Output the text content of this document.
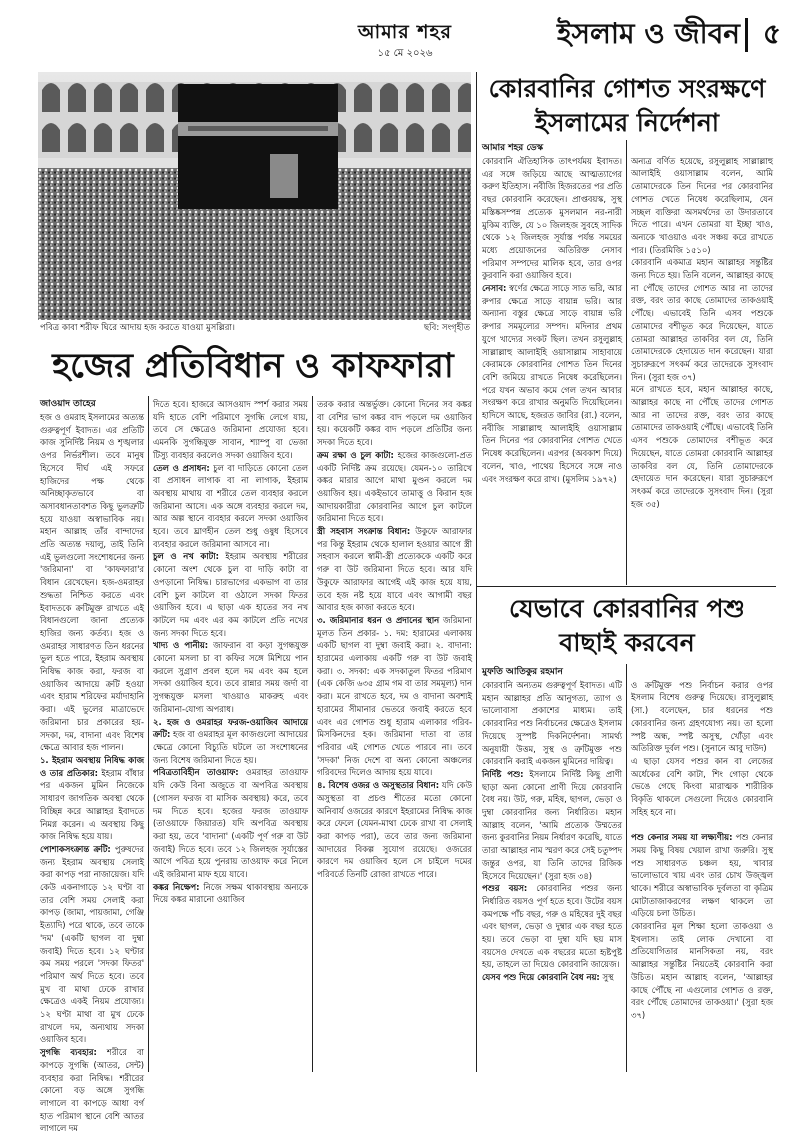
আমার শহর
১৫ মে ২০২৬
ইসলাম ও জীবন ৫
পবিত্র কাবা শরীফ ঘিরে আদায় হজ করতে যাওয়া মুসল্লিরা।	ছবি: সংগৃহীত
হজের প্রতিবিধান ও কাফফারা
জাওয়াদ তাহের

হজ ও ওমরাহ ইসলামের অত্যন্ত গুরুত্বপূর্ণ ইবাদত। এর প্রতিটি কাজ সুনির্দিষ্ট নিয়ম ও শৃঙ্খলার ওপর নির্ভরশীল। তবে মানুষ হিসেবে দীর্ঘ এই সফরে হাজিদের পক্ষ থেকে অনিচ্ছাকৃতভাবে বা অসাবধানতাবশত কিছু ভুলত্রুটি হয়ে যাওয়া অস্বাভাবিক নয়। মহান আল্লাহ তাঁর বান্দাদের প্রতি অত্যন্ত দয়ালু, তাই তিনি এই ভুলগুলো সংশোধনের জন্য 'জরিমানা' বা 'কাফফারা'র বিধান রেখেছেন। হজ-ওমরাহর শুদ্ধতা নিশ্চিত করতে এবং ইবাদতকে ক্রটিমুক্ত রাখতে এই বিধানগুলো জানা প্রত্যেক হাজির জন্য কর্তব্য। হজ ও ওমরাহর সাধারণত তিন ধরনের ভুল হতে পারে, ইহরাম অবস্থায় নিষিদ্ধ কাজ করা, ফরজ বা ওয়াজিব আদায়ে ক্রটি হওয়া এবং হারাম শরিফের মর্যাদাহানি করা। এই ভুলের মাত্রাভেদে জরিমানা চার প্রকারের হয়-সদকা, দম, বাদানা এবং বিশেষ ক্ষেত্রে আবার হজ পালন।

১. ইহরাম অবস্থায় নিষিদ্ধ কাজ ও তার প্রতিকার: ইহরাম বাঁধার পর একজন মুমিন নিজেকে সাধারণ জাগতিক অবস্থা থেকে বিচ্ছিন্ন করে আল্লাহর ইবাদতে নিমগ্ন করেন। এ অবস্থায় কিছু কাজ নিষিদ্ধ হয়ে যায়।

পোশাকসংক্রান্ত ক্রটি: পুরুষদের জন্য ইহরাম অবস্থায় সেলাই করা কাপড় পরা নাজায়েজ। যদি কেউ একনাগাড়ে ১২ ঘণ্টা বা তার বেশি সময় সেলাই করা কাপড় (জামা, পায়জামা, গেঞ্জি ইত্যাদি) পরে থাকে, তবে তাকে 'দম' (একটি ছাগল বা দুম্বা জবাই) দিতে হবে। ১২ ঘণ্টার কম সময় পরলে 'সদকা ফিতর' পরিমাণ অর্থ দিতে হবে। তবে মুখ বা মাথা ঢেকে রাখার ক্ষেত্রেও একই নিয়ম প্রযোজ্য। ১২ ঘণ্টা মাথা বা মুখ ঢেকে রাখলে দম, অন্যথায় সদকা ওয়াজিব হবে।

সুগন্ধি ব্যবহার: শরীরে বা কাপড়ে সুগন্ধি (আতর, সেন্ট) ব্যবহার করা নিষিদ্ধ। শরীরের কোনো বড় অঙ্গে সুগন্ধি লাগালে বা কাপড়ে আধা বর্গ হাত পরিমাণ স্থানে বেশি আতর লাগালে দম

দিতে হবে। হাজরে আসওয়াদ স্পর্শ করার সময় যদি হাতে বেশি পরিমাণে সুগন্ধি লেগে যায়, তবে সে ক্ষেত্রেও জরিমানা প্রযোজ্য হবে। এমনকি সুগন্ধিযুক্ত সাবান, শ্যাম্পু বা ভেজা টিস্যু ব্যবহার করলেও সদকা ওয়াজিব হবে।

তেল ও প্রসাধন: চুল বা দাড়িতে কোনো তেল বা প্রসাধন লাগাক বা না লাগাক, ইহরাম অবস্থায় মাথায় বা শরীরে তেল ব্যবহার করলে জরিমানা আসে। এক অঙ্গে ব্যবহার করলে দম, আর অল্প স্থানে ব্যবহার করলে সদকা ওয়াজিব হবে। তবে ঘ্রাণহীন তেল শুধু ওষুধ হিসেবে ব্যবহার করলে জরিমানা আসবে না।

চুল ও নখ কাটা: ইহরাম অবস্থায় শরীরের কোনো অংশ থেকে চুল বা দাড়ি কাটা বা ওপড়ানো নিষিদ্ধ। চারভাগের একভাগ বা তার বেশি চুল কাটলে বা ওঠালে সদকা ফিতর ওয়াজিব হবে। এ ছাড়া এক হাতের সব নখ কাটলে দম এবং এর কম কাটলে প্রতি নখের জন্য সদকা দিতে হবে।

খাদ্য ও পানীয়: জাফরান বা কড়া সুগন্ধযুক্ত কোনো মসলা চা বা কফির সঙ্গে মিশিয়ে পান করলে সুগ্রাণ প্রবল হলে দম এবং কম হলে সদকা ওয়াজিব হবে। তবে রান্নার সময় জর্দা বা সুগন্ধযুক্ত মসলা খাওয়াও মাকরুহ এবং জরিমানা-যোগ্য অপরাধ।

২. হজ ও ওমরাহর ফরজ-ওয়াজিব আদায়ে ক্রটি: হজ বা ওমরাহর মূল কাজগুলো আদায়ের ক্ষেত্রে কোনো বিচ্যুতি ঘটলে তা সংশোধনের জন্য বিশেষ জরিমানা দিতে হয়।

পবিত্রতাবিহীন তাওয়াফ: ওমরাহর তাওয়াফ যদি কেউ বিনা অজুতে বা অপবিত্র অবস্থায় (গোসল ফরজ বা মাসিক অবস্থায়) করে, তবে দম দিতে হবে। হজের ফরজ তাওয়াফ (তাওয়াফে জিয়ারত) যদি অপবিত্র অবস্থায় করা হয়, তবে 'বাদানা' (একটি পূর্ণ গরু বা উট জবাই) দিতে হবে। তবে ১২ জিলহজ সূর্যাস্তের আগে পবিত্র হয়ে পুনরায় তাওয়াফ করে নিলে এই জরিমানা মাফ হয়ে যাবে।

কঙ্কর নিক্ষেপ: নিজে সক্ষম থাকাবস্থায় অন্যকে দিয়ে কঙ্কর মারানো ওয়াজিব

তরক করার অন্তর্ভুক্ত। কোনো দিনের সব কঙ্কর বা বেশির ভাগ কঙ্কর বাদ পড়লে দম ওয়াজিব হয়। কয়েকটি কঙ্কর বাদ পড়লে প্রতিটির জন্য সদকা দিতে হবে।

ক্রম রক্ষা ও চুল কাটা: হজের কাজগুলো-প্রত একটি নির্দিষ্ট ক্রম রয়েছে। যেমন-১০ তারিখে কঙ্কর মারার আগে মাথা মুণ্ডন করলে দম ওয়াজিব হয়। একইভাবে তামাত্তু ও কিরান হজ আদায়কারীরা কোরবানির আগে চুল কাটলে জরিমানা দিতে হবে।

স্ত্রী সহবাস সংক্রান্ত বিধান: উকুফে আরাফার পর কিন্তু ইহরাম থেকে হালাল হওয়ার আগে স্ত্রী সহবাস করলে স্বামী-স্ত্রী প্রত্যেককে একটি করে গরু বা উট জরিমানা দিতে হবে। আর যদি উকুফে আরাফার আগেই এই কাজ হয়ে যায়, তবে হজ নষ্ট হয়ে যাবে এবং আগামী বছর আবার হজ কাজা করতে হবে।

৩. জরিমানার ধরন ও প্রদানের স্থান জরিমানা মূলত তিন প্রকার- ১. দম: হারামের এলাকায় একটি ছাগল বা দুম্বা জবাই করা। ২. বাদানা: হারামের এলাকায় একটি গরু বা উট জবাই করা। ৩. সদকা: এক সদকাতুল ফিতর পরিমাণ (এক কেজি ৬৩৫ গ্রাম গম বা তার সমমূল্য) দান করা। মনে রাখতে হবে, দম ও বাদানা অবশ্যই হারামের সীমানার ভেতরে জবাই করতে হবে এবং এর গোশত শুধু হারাম এলাকার গরিব-মিসকিনদের হক। জরিমানা দাতা বা তার পরিবার এই গোশত খেতে পারবে না। তবে 'সদকা' নিজ দেশে বা অন্য কোনো অঞ্চলের গরিবদের দিলেও আদায় হয়ে যাবে।

৪. বিশেষ ওজর ও অসুস্থতার বিধান: যদি কেউ অসুস্থতা বা প্রচণ্ড শীতের মতো কোনো অনিবার্য ওজরের কারণে ইহরামের নিষিদ্ধ কাজ করে ফেলে (যেমন-মাথা ঢেকে রাখা বা সেলাই করা কাপড় পরা), তবে তার জন্য জরিমানা আদায়ের বিকল্প সুযোগ রয়েছে। ওজরের কারণে দম ওয়াজিব হলে সে চাইলে দমের পরিবর্তে তিনটি রোজা রাখতে পারে।

কোরবানির গোশত সংরক্ষণে ইসলামের নির্দেশনা
আমার শহর ডেস্ক

কোরবানি ঐতিহাসিক তাৎপর্যময় ইবাদত। এর সঙ্গে জড়িয়ে আছে আত্মত্যাগের করুণ ইতিহাস। নবীজি হিজরতের পর প্রতি বছর কোরবানি করেছেন। প্রাপ্তবয়স্ক, সুস্থ মস্তিষ্কসম্পন্ন প্রত্যেক মুসলমান নর-নারী মুকিম ব্যক্তি, যে ১০ জিলহজ সুবহে সাদিক থেকে ১২ জিলহজ সূর্যাস্ত পর্যন্ত সময়ের মধ্যে প্রয়োজনের অতিরিক্ত নেসাব পরিমাণ সম্পদের মালিক হবে, তার ওপর কুরবানি করা ওয়াজিব হবে।

নেসাব: স্বর্ণের ক্ষেত্রে সাড়ে সাত ভরি, আর রুপার ক্ষেত্রে সাড়ে বায়ান্ন ভরি। আর অন্যান্য বস্তুর ক্ষেত্রে সাড়ে বায়ান্ন ভরি রুপার সমমূল্যের সম্পদ। মদিনার প্রথম যুগে খাদ্যের সংকট ছিল। তখন রসুলুল্লাহ সাল্লাল্লাহু আলাইহি ওয়াসাল্লাম সাহাবায়ে কেরামকে কোরবানির গোশত তিন দিনের বেশি জমিয়ে রাখতে নিষেধ করেছিলেন। পরে যখন অভাব কমে গেল তখন আবার সংরক্ষণ করে রাখার অনুমতি দিয়েছিলেন। হাদিসে আছে, হজরত জাবির (রা.) বলেন, নবীজি সাল্লাল্লাহু আলাইহি ওয়াসাল্লাম তিন দিনের পর কোরবানির গোশত খেতে নিষেধ করেছিলেন। এরপর (অবকাশ দিয়ে) বলেন, খাও, পাথেয় হিসেবে সঙ্গে নাও এবং সংরক্ষণ করে রাখ। (মুসলিম ১৯৭২)

অন্যত্র বর্ণিত হয়েছে, রসুলুল্লাহ সাল্লাল্লাহু আলাইহি ওয়াসাল্লাম বলেন, আমি তোমাদেরকে তিন দিনের পর কোরবানির গোশত খেতে নিষেধ করেছিলাম, যেন সচ্ছল ব্যক্তিরা অসমর্থদের তা উদারতাবে দিতে পারে। এখন তোমরা যা ইচ্ছা খাও, অন্যকে খাওয়াও এবং সঞ্চয় করে রাখতে পার। (তিরমিজি ১৫১০)
কোরবানি একমাত্র মহান আল্লাহর সন্তুষ্টির জন্য দিতে হয়। তিনি বলেন, আল্লাহর কাছে না পৌঁছে তাদের গোশত আর না তাদের রক্ত, বরং তার কাছে তোমাদের তাকওয়াই পৌঁছে। এভাবেই তিনি এসব পশুকে তোমাদের বশীভূত করে দিয়েছেন, যাতে তোমরা আল্লাহর তাকবির বল যে, তিনি তোমাদেরকে হেদায়েত দান করেছেন। যারা সুচারুরূপে সৎকর্ম করে তাদেরকে সুসংবাদ দিন। (সুরা হজ ৩৭)
মনে রাখতে হবে, মহান আল্লাহর কাছে, আল্লাহর কাছে না পৌঁছে তাদের গোশত আর না তাদের রক্ত, বরং তার কাছে তোমাদের তাকওয়াই পৌঁছে। এভাবেই তিনি এসব পশুকে তোমাদের বশীভূত করে দিয়েছেন, যাতে তোমরা কোরবানি আল্লাহর তাকবির বল যে, তিনি তোমাদেরকে হেদায়েত দান করেছেন। যারা সুচারুরূপে সৎকর্ম করে তাদেরকে সুসংবাদ দিন। (সুরা হজ ৩৫)

যেভাবে কোরবানির পশু বাছাই করবেন
মুফতি আতিকুর রহমান

কোরবানি অন্যতম গুরুত্বপূর্ণ ইবাদত। এটি মহান আল্লাহর প্রতি আনুগত্য, ত্যাগ ও ভালোবাসা প্রকাশের মাধ্যম। তাই কোরবানির পশু নির্বাচনের ক্ষেত্রেও ইসলাম দিয়েছে সুস্পষ্ট দিকনির্দেশনা। সামর্থ্য অনুযায়ী উত্তম, সুস্থ ও ত্রুটিমুক্ত পশু কোরবানি করাই একজন মুমিনের দায়িত্ব।

নির্দিষ্ট পশু: ইসলামে নির্দিষ্ট কিছু প্রাণী ছাড়া অন্য কোনো প্রাণী দিয়ে কোরবানি বৈধ নয়। উট, গরু, মহিষ, ছাগল, ভেড়া ও দুম্বা কোরবানির জন্য নির্ধারিত। মহান আল্লাহ বলেন, 'আমি প্রত্যেক উম্মতের জন্য কুরবানির নিয়ম নির্ধারণ করেছি, যাতে তারা আল্লাহর নাম স্মরণ করে সেই চতুষ্পদ জন্তুর ওপর, যা তিনি তাদের রিজিক হিসেবে দিয়েছেন।' (সুরা হজ ৩৪)

পশুর বয়স: কোরবানির পশুর জন্য নির্ধারিত বয়সও পূর্ণ হতে হবে। উটের বয়স কমপক্ষে পাঁচ বছর, গরু ও মহিষের দুই বছর এবং ছাগল, ভেড়া ও দুম্বার এক বছর হতে হয়। তবে ভেড়া বা দুম্বা যদি ছয় মাস বয়সেও দেখতে এক বছরের মতো হৃষ্টপুষ্ট হয়, তাহলে তা দিয়েও কোরবানি জায়েজ।

যেসব পশু দিয়ে কোরবানি বৈধ নয়: সুস্থ

ও ক্রটিমুক্ত পশু নির্বাচন করার ওপর ইসলাম বিশেষ গুরুত্ব দিয়েছে। রাসুলুল্লাহ (সা.) বলেছেন, চার ধরনের পশু কোরবানির জন্য গ্রহণযোগ্য নয়। তা হলো স্পষ্ট অন্ধ, স্পষ্ট অসুস্থ, খোঁড়া এবং অতিরিক্ত দুর্বল পশু। (সুনানে আবু দাউদ)
এ ছাড়া যেসব পশুর কান বা লেজের অর্ধেকের বেশি কাটা, শিং গোড়া থেকে ভেঙে গেছে কিংবা মারাত্মক শারীরিক বিকৃতি থাকলে সেগুলো দিয়েও কোরবানি সহিহ হবে না।

পশু কেনার সময় যা লক্ষ্যণীয়: পশু কেনার সময় কিছু বিষয় খেয়াল রাখা জরুরি। সুস্থ পশু সাধারণত চঞ্চল হয়, খাবার ভালোভাবে খায় এবং তার চোখ উজ্জ্বল থাকে। শরীরে অস্বাভাবিক দুর্বলতা বা কৃত্রিম মোটাতাজাকরণের লক্ষণ থাকলে তা এড়িয়ে চলা উচিত।
কোরবানির মূল শিক্ষা হলো তাকওয়া ও ইখলাস। তাই লোক দেখানো বা প্রতিযোগিতার মানসিকতা নয়, বরং আল্লাহর সন্তুষ্টির নিয়তেই কোরবানি করা উচিত। মহান আল্লাহ বলেন, 'আল্লাহর কাছে পৌঁছে না এগুলোর গোশত ও রক্ত, বরং পৌঁছে তোমাদের তাকওয়া।' (সুরা হজ ৩৭)
